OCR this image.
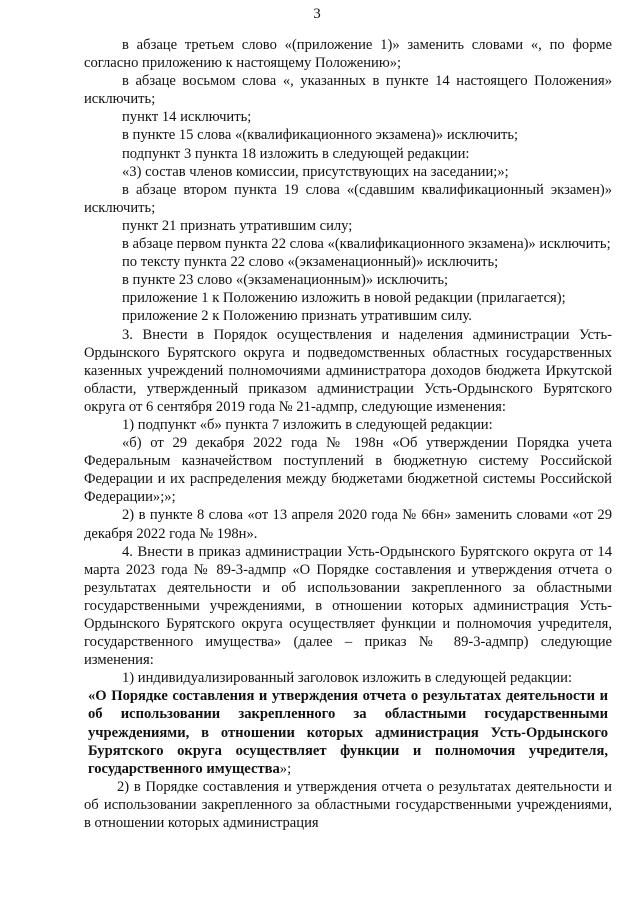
3

в абзаце третьем слово «(приложение 1)» заменить словами «, по форме согласно приложению к настоящему Положению»;

в абзаце восьмом слова «, указанных в пункте 14 настоящего Положения» исключить;

пункт 14 исключить;

в пункте 15 слова «(квалификационного экзамена)» исключить;

подпункт 3 пункта 18 изложить в следующей редакции:

«3) состав членов комиссии, присутствующих на заседании;»;

в абзаце втором пункта 19 слова «(сдавшим квалификационный экзамен)» исключить;

пункт 21 признать утратившим силу;

в абзаце первом пункта 22 слова «(квалификационного экзамена)» исключить;

по тексту пункта 22 слово «(экзаменационный)» исключить;

в пункте 23 слово «(экзаменационным)» исключить;

приложение 1 к Положению изложить в новой редакции (прилагается);

приложение 2 к Положению признать утратившим силу.

3. Внести в Порядок осуществления и наделения администрации Усть-Ордынского Бурятского округа и подведомственных областных государственных казенных учреждений полномочиями администратора доходов бюджета Иркутской области, утвержденный приказом администрации Усть-Ордынского Бурятского округа от 6 сентября 2019 года № 21-адмпр, следующие изменения:

1) подпункт «б» пункта 7 изложить в следующей редакции:

«б) от 29 декабря 2022 года № 198н «Об утверждении Порядка учета Федеральным казначейством поступлений в бюджетную систему Российской Федерации и их распределения между бюджетами бюджетной системы Российской Федерации»;»;

2) в пункте 8 слова «от 13 апреля 2020 года № 66н» заменить словами «от 29 декабря 2022 года № 198н».

4. Внести в приказ администрации Усть-Ордынского Бурятского округа от 14 марта 2023 года № 89-3-адмпр «О Порядке составления и утверждения отчета о результатах деятельности и об использовании закрепленного за областными государственными учреждениями, в отношении которых администрация Усть-Ордынского Бурятского округа осуществляет функции и полномочия учредителя, государственного имущества» (далее – приказ № 89-3-адмпр) следующие изменения:

1) индивидуализированный заголовок изложить в следующей редакции:

«О Порядке составления и утверждения отчета о результатах деятельности и об использовании закрепленного за областными государственными учреждениями, в отношении которых администрация Усть-Ордынского Бурятского округа осуществляет функции и полномочия учредителя, государственного имущества»;

2) в Порядке составления и утверждения отчета о результатах деятельности и об использовании закрепленного за областными государственными учреждениями, в отношении которых администрация
